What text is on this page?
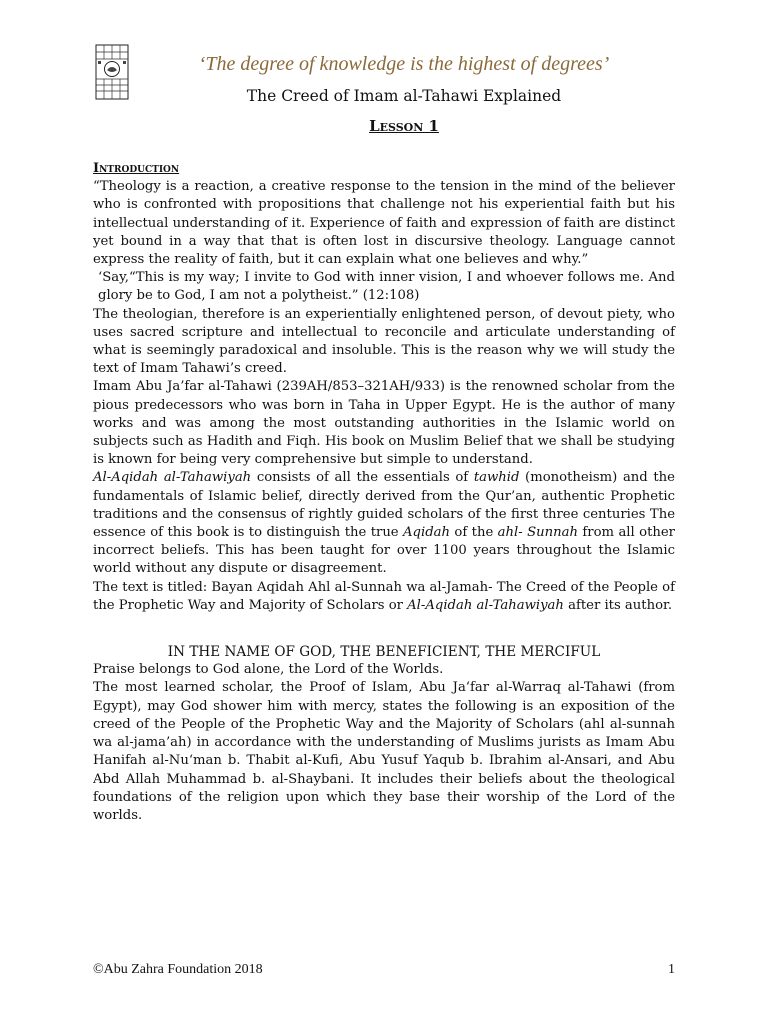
‘The degree of knowledge is the highest of degrees’
The Creed of Imam al-Tahawi Explained
Lesson 1

Introduction

“Theology is a reaction, a creative response to the tension in the mind of the believer who is confronted with propositions that challenge not his experiential faith but his intellectual understanding of it. Experience of faith and expression of faith are distinct yet bound in a way that that is often lost in discursive theology. Language cannot express the reality of faith, but it can explain what one believes and why.”

‘Say,“This is my way; I invite to God with inner vision, I and whoever follows me. And glory be to God, I am not a polytheist.” (12:108)

The theologian, therefore is an experientially enlightened person, of devout piety, who uses sacred scripture and intellectual to reconcile and articulate understanding of what is seemingly paradoxical and insoluble. This is the reason why we will study the text of Imam Tahawi’s creed.

Imam Abu Ja’far al-Tahawi (239AH/853–321AH/933) is the renowned scholar from the pious predecessors who was born in Taha in Upper Egypt. He is the author of many works and was among the most outstanding authorities in the Islamic world on subjects such as Hadith and Fiqh. His book on Muslim Belief that we shall be studying is known for being very comprehensive but simple to understand.

Al-Aqidah al-Tahawiyah consists of all the essentials of tawhid (monotheism) and the fundamentals of Islamic belief, directly derived from the Qur’an, authentic Prophetic traditions and the consensus of rightly guided scholars of the first three centuries The essence of this book is to distinguish the true Aqidah of the ahl- Sunnah from all other incorrect beliefs. This has been taught for over 1100 years throughout the Islamic world without any dispute or disagreement.

The text is titled: Bayan Aqidah Ahl al-Sunnah wa al-Jamah- The Creed of the People of the Prophetic Way and Majority of Scholars or Al-Aqidah al-Tahawiyah after its author.

IN THE NAME OF GOD, THE BENEFICIENT, THE MERCIFUL

Praise belongs to God alone, the Lord of the Worlds.

The most learned scholar, the Proof of Islam, Abu Ja‘far al-Warraq al-Tahawi (from Egypt), may God shower him with mercy, states the following is an exposition of the creed of the People of the Prophetic Way and the Majority of Scholars (ahl al-sunnah wa al-jama’ah) in accordance with the understanding of Muslims jurists as Imam Abu Hanifah al-Nu‘man b. Thabit al-Kufi, Abu Yusuf Yaqub b. Ibrahim al-Ansari, and Abu Abd Allah Muhammad b. al-Shaybani. It includes their beliefs about the theological foundations of the religion upon which they base their worship of the Lord of the worlds.

©Abu Zahra Foundation 2018	1
